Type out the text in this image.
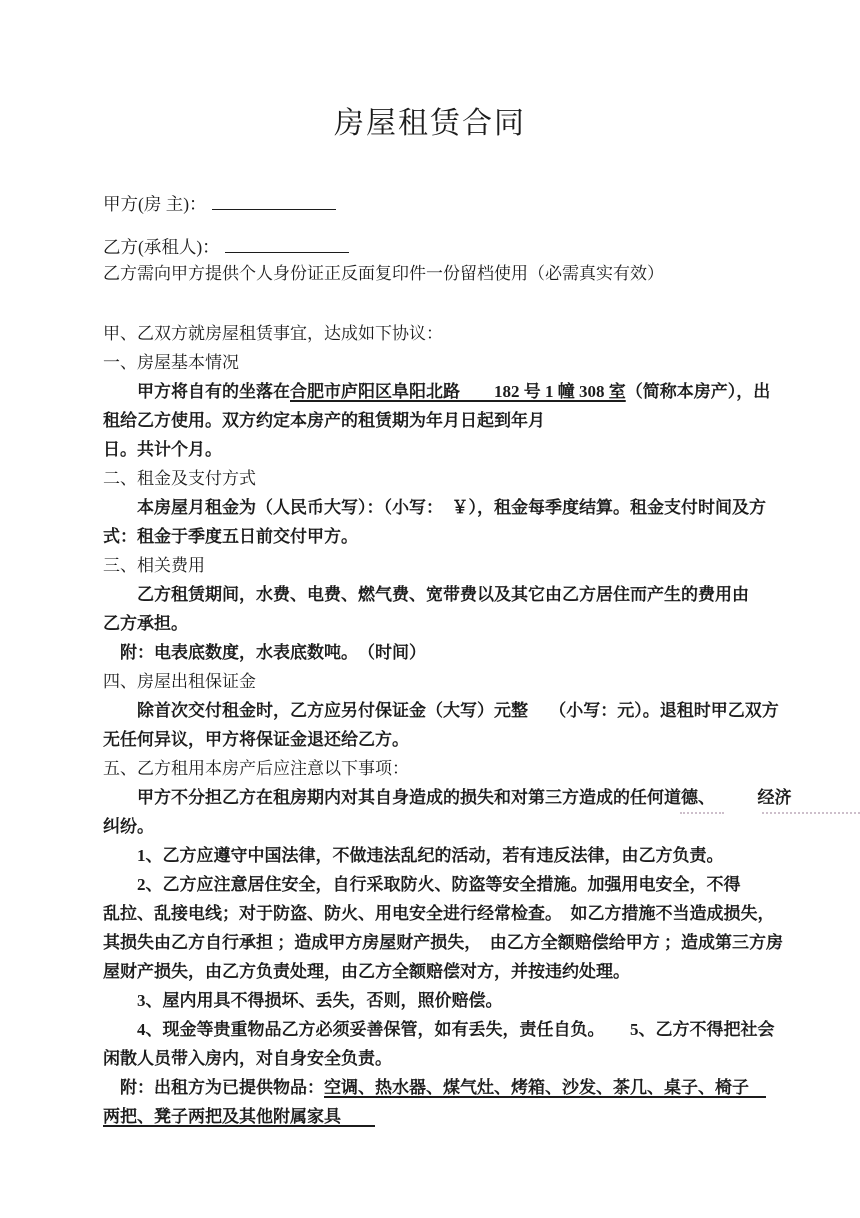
房屋租赁合同
甲方(房 主)：
乙方(承租人)：
乙方需向甲方提供个人身份证正反面复印件一份留档使用（必需真实有效）
甲、乙双方就房屋租赁事宜，达成如下协议：
一、房屋基本情况
　　甲方将自有的坐落在合肥市庐阳区阜阳北路　　182 号 1 幢 308 室（简称本房产），出
租给乙方使用。双方约定本房产的租赁期为年月日起到年月
日。共计个月。
二、租金及支付方式
　　本房屋月租金为（人民币大写）：（小写：　￥），租金每季度结算。租金支付时间及方
式：租金于季度五日前交付甲方。
三、相关费用
　　乙方租赁期间，水费、电费、燃气费、宽带费以及其它由乙方居住而产生的费用由
乙方承担。
　附：电表底数度，水表底数吨。　（时间）
四、房屋出租保证金
　　除首次交付租金时，乙方应另付保证金（大写）元整　 （小写：元）。退租时甲乙双方
无任何异议，甲方将保证金退还给乙方。
五、乙方租用本房产后应注意以下事项：
　　甲方不分担乙方在租房期内对其自身造成的损失和对第三方造成的任何道德、　　　经济
纠纷。
　　1、乙方应遵守中国法律，不做违法乱纪的活动，若有违反法律，由乙方负责。
　　2、乙方应注意居住安全，自行采取防火、防盗等安全措施。加强用电安全，不得
乱拉、乱接电线；对于防盗、防火、用电安全进行经常检查。　如乙方措施不当造成损失，
其损失由乙方自行承担 ；造成甲方房屋财产损失，　由乙方全额赔偿给甲方 ；造成第三方房
屋财产损失，由乙方负责处理，由乙方全额赔偿对方，并按违约处理。
　　3、屋内用具不得损坏、丢失，否则，照价赔偿。
　　4、现金等贵重物品乙方必须妥善保管，如有丢失，责任自负。　　5、乙方不得把社会
闲散人员带入房内，对自身安全负责。
　附：出租方为已提供物品：空调、热水器、煤气灶、烤箱、沙发、茶几、桌子、椅子　
两把、凳子两把及其他附属家具　　
